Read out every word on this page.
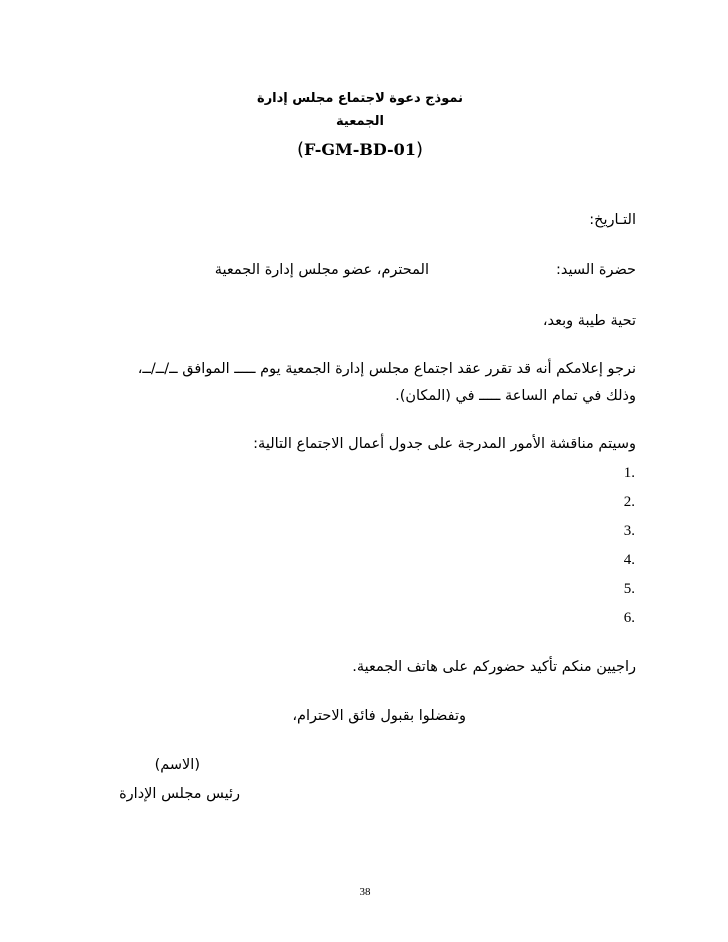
نموذج دعوة لاجتماع مجلس إدارة
الجمعية
(F-GM-BD-01)
التـاريخ:
حضرة السيد:
المحترم، عضو مجلس إدارة الجمعية
تحية طيبة وبعد،
نرجو إعلامكم أنه قد تقرر عقد اجتماع مجلس إدارة الجمعية يوم ـــــ الموافق ــ/ــ/ــ،
وذلك في تمام الساعة ـــــ في (المكان).
وسيتم مناقشة الأمور المدرجة على جدول أعمال الاجتماع التالية:
1.
2.
3.
4.
5.
6.
راجيين منكم تأكيد حضوركم على هاتف الجمعية.
وتفضلوا بقبول فائق الاحترام،
(الاسم)
رئيس مجلس الإدارة
38
